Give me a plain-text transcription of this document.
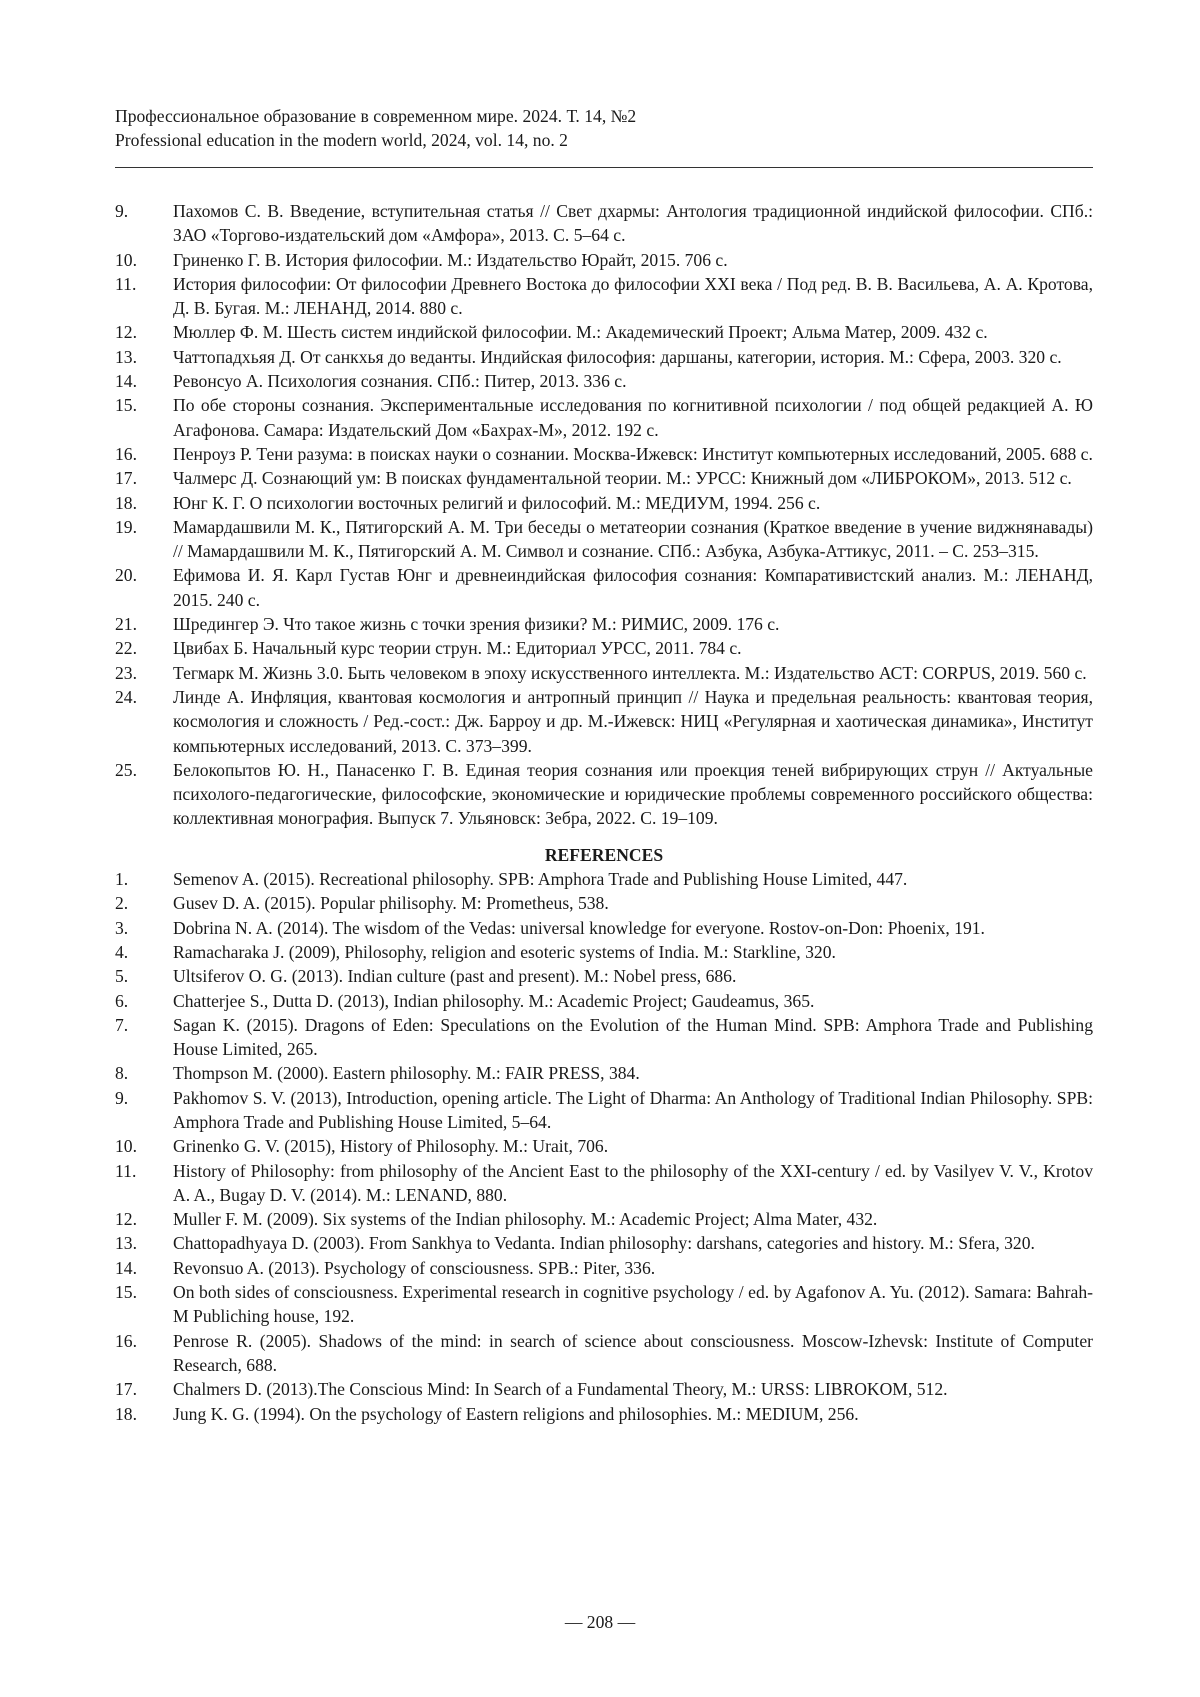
Профессиональное образование в современном мире. 2024. Т. 14, №2
Professional education in the modern world, 2024, vol. 14, no. 2
9.	Пахомов С. В. Введение, вступительная статья // Свет дхармы: Антология традиционной индийской философии. СПб.: ЗАО «Торгово-издательский дом «Амфора», 2013. С. 5–64 с.
10. Гриненко Г. В. История философии. М.: Издательство Юрайт, 2015. 706 с.
11. История философии: От философии Древнего Востока до философии XXI века / Под ред. В. В. Васильева, А. А. Кротова, Д. В. Бугая. М.: ЛЕНАНД, 2014. 880 с.
12. Мюллер Ф. М. Шесть систем индийской философии. М.: Академический Проект; Альма Матер, 2009. 432 с.
13. Чаттопадхьяя Д. От санкхья до веданты. Индийская философия: даршаны, категории, история. М.: Сфера, 2003. 320 с.
14. Ревонсуо А. Психология сознания. СПб.: Питер, 2013. 336 с.
15. По обе стороны сознания. Экспериментальные исследования по когнитивной психологии / под общей редакцией А. Ю Агафонова. Самара: Издательский Дом «Бахрах-М», 2012. 192 с.
16. Пенроуз Р. Тени разума: в поисках науки о сознании. Москва-Ижевск: Институт компьютерных исследований, 2005. 688 с.
17. Чалмерс Д. Сознающий ум: В поисках фундаментальной теории. М.: УРСС: Книжный дом «ЛИБРОКОМ», 2013. 512 с.
18. Юнг К. Г. О психологии восточных религий и философий. М.: МЕДИУМ, 1994. 256 с.
19. Мамардашвили М. К., Пятигорский А. М. Три беседы о метатеории сознания (Краткое введение в учение виджнянавады) // Мамардашвили М. К., Пятигорский А. М. Символ и сознание. СПб.: Азбука, Азбука-Аттикус, 2011. – С. 253–315.
20. Ефимова И. Я. Карл Густав Юнг и древнеиндийская философия сознания: Компаративистский анализ. М.: ЛЕНАНД, 2015. 240 с.
21. Шредингер Э. Что такое жизнь с точки зрения физики? М.: РИМИС, 2009. 176 с.
22. Цвибах Б. Начальный курс теории струн. М.: Едиториал УРСС, 2011. 784 с.
23. Тегмарк М. Жизнь 3.0. Быть человеком в эпоху искусственного интеллекта. М.: Издательство АСТ: CORPUS, 2019. 560 с.
24. Линде А. Инфляция, квантовая космология и антропный принцип // Наука и предельная реальность: квантовая теория, космология и сложность / Ред.-сост.: Дж. Барроу и др. М.-Ижевск: НИЦ «Регулярная и хаотическая динамика», Институт компьютерных исследований, 2013. С. 373–399.
25. Белокопытов Ю. Н., Панасенко Г. В. Единая теория сознания или проекция теней вибрирующих струн // Актуальные психолого-педагогические, философские, экономические и юридические проблемы современного российского общества: коллективная монография. Выпуск 7. Ульяновск: Зебра, 2022. С. 19–109.
REFERENCES
1.	Semenov A. (2015). Recreational philosophy. SPB: Amphora Trade and Publishing House Limited, 447.
2.	Gusev D. A. (2015). Popular philisophy. M: Prometheus, 538.
3.	Dobrina N. A. (2014). The wisdom of the Vedas: universal knowledge for everyone. Rostov-on-Don: Phoenix, 191.
4.	Ramacharaka J. (2009), Philosophy, religion and esoteric systems of India. M.: Starkline, 320.
5.	Ultsiferov O. G. (2013). Indian culture (past and present). M.: Nobel press, 686.
6.	Chatterjee S., Dutta D. (2013), Indian philosophy. M.: Academic Project; Gaudeamus, 365.
7.	Sagan K. (2015). Dragons of Eden: Speculations on the Evolution of the Human Mind. SPB: Amphora Trade and Publishing House Limited, 265.
8.	Thompson M. (2000). Eastern philosophy. M.: FAIR PRESS, 384.
9.	Pakhomov S. V. (2013), Introduction, opening article. The Light of Dharma: An Anthology of Traditional Indian Philosophy. SPB: Amphora Trade and Publishing House Limited, 5–64.
10. Grinenko G. V. (2015), History of Philosophy. M.: Urait, 706.
11. History of Philosophy: from philosophy of the Ancient East to the philosophy of the XXI-century / ed. by Vasilyev V. V., Krotov A. A., Bugay D. V. (2014). M.: LENAND, 880.
12. Muller F. M. (2009). Six systems of the Indian philosophy. M.: Academic Project; Alma Mater, 432.
13. Chattopadhyaya D. (2003). From Sankhya to Vedanta. Indian philosophy: darshans, categories and history. M.: Sfera, 320.
14. Revonsuo A. (2013). Psychology of consciousness. SPB.: Piter, 336.
15. On both sides of consciousness. Experimental research in cognitive psychology / ed. by Agafonov A. Yu. (2012). Samara: Bahrah-M Publiching house, 192.
16. Penrose R. (2005). Shadows of the mind: in search of science about consciousness. Moscow-Izhevsk: Institute of Computer Research, 688.
17. Chalmers D. (2013).The Conscious Mind: In Search of a Fundamental Theory, M.: URSS: LIBROKOM, 512.
18. Jung K. G. (1994). On the psychology of Eastern religions and philosophies. M.: MEDIUM, 256.
— 208 —
